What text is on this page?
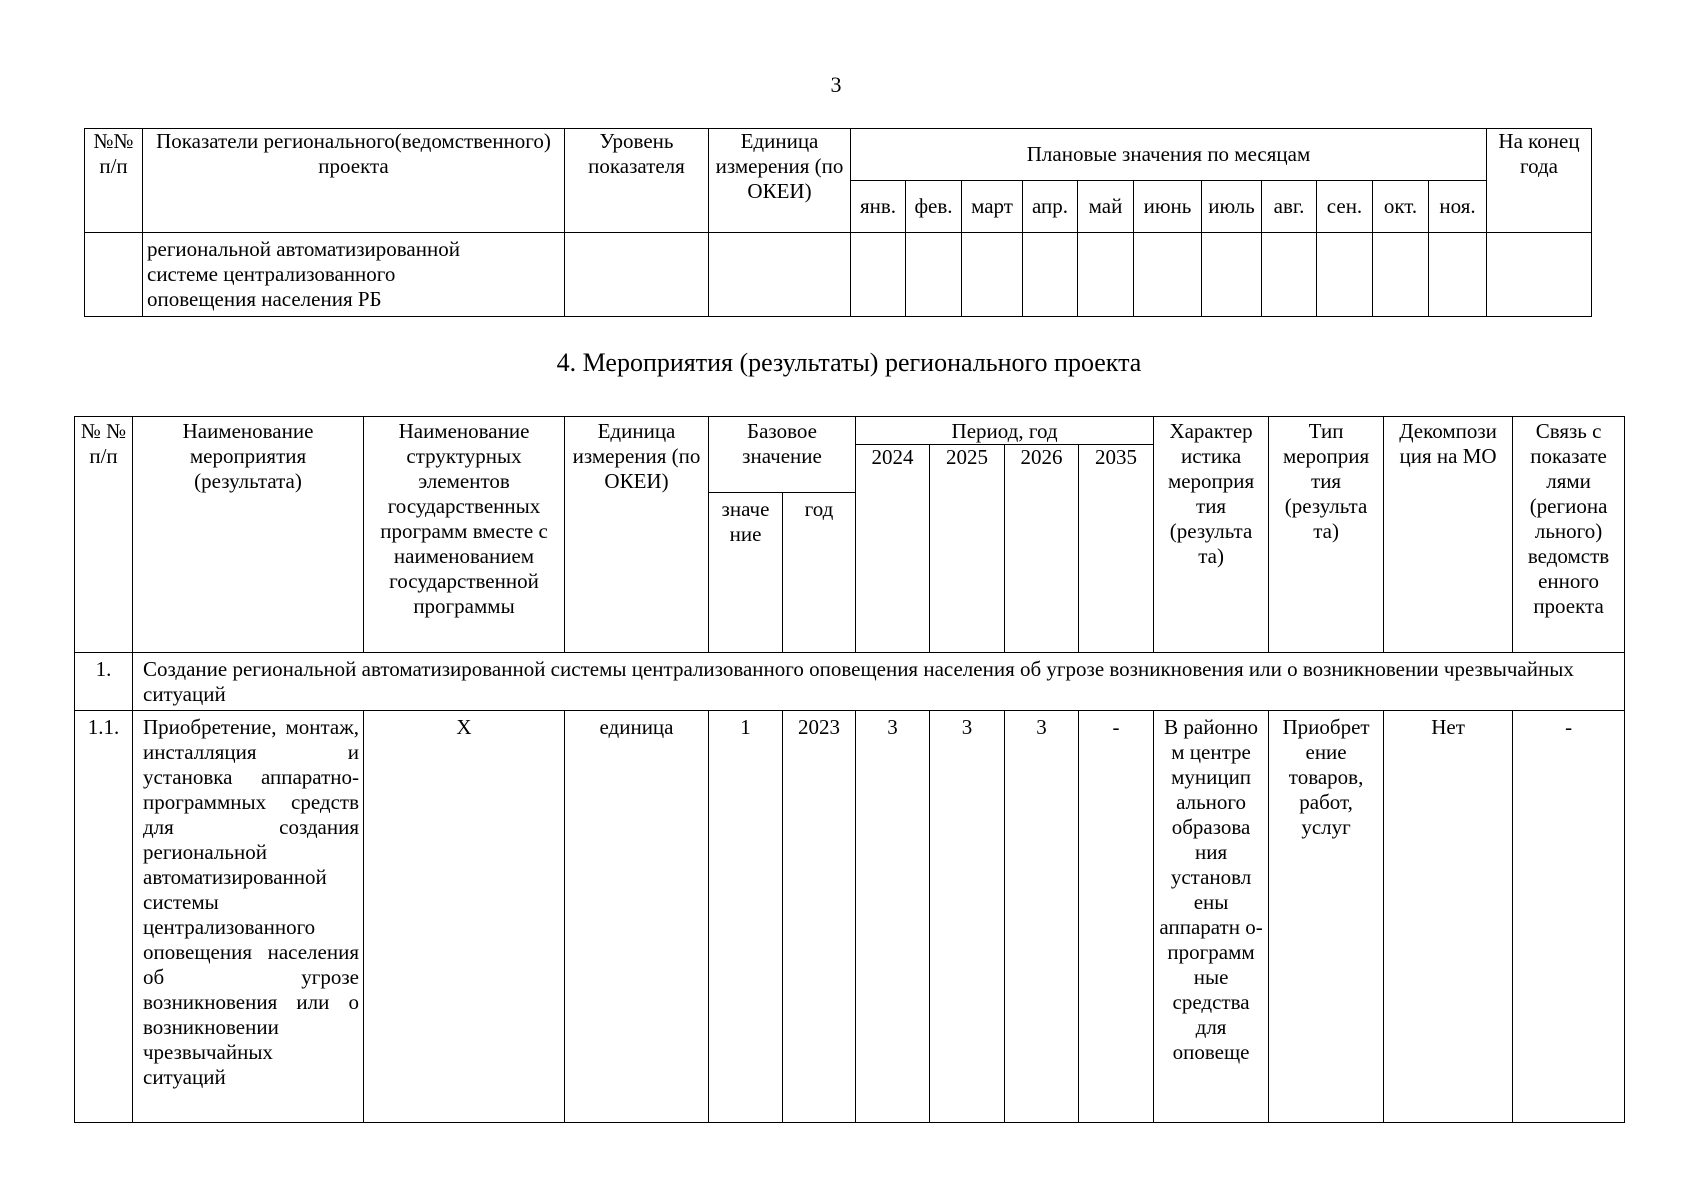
3
№№ п/п	Показатели регионального(ведомственного) проекта	Уровень показателя	Единица измерения (по ОКЕИ)	Плановые значения по месяцам											На конец года
				янв.	фев.	март	апр.	май	июнь	июль	авг.	сен.	окт.	ноя.	

	региональной автоматизированной
системе централизованного
оповещения населения РБ														

4. Мероприятия (результаты) регионального проекта
№ № п/п	Наименование мероприятия (результата)	Наименование структурных элементов государственных программ вместе с наименованием государственной программы	Единица измерения (по ОКЕИ)	Базовое значение		Период, год				Характер истика мероприя тия (результа та)	Тип мероприя тия (результа та)	Декомпози ция на МО	Связь с показате лями (региона льного) ведомств енного проекта
						2024	2025	2026	2035				
				значе ние	год								
1.	Создание региональной автоматизированной системы централизованного оповещения населения об угрозе возникновения или о возникновении чрезвычайных ситуаций												
1.1.	Приобретение, монтаж, инсталляция и установка аппаратно-программных средств для создания региональной автоматизированной системы централизованного оповещения населения об угрозе возникновения или о возникновении чрезвычайных ситуаций	X	единица	1	2023	3	3	3	-	В районно м центре муницип ального образова ния установл ены аппаратн о-программ ные средства для оповеще	Приобрет ение товаров, работ, услуг	Нет	-
